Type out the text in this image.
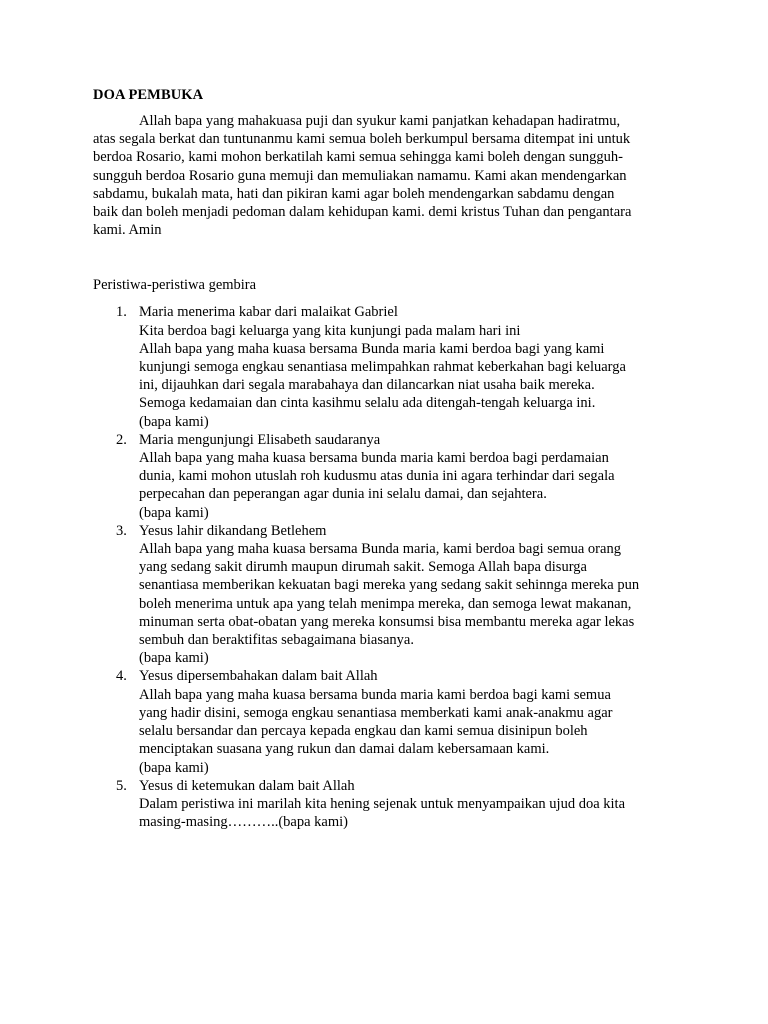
DOA PEMBUKA

Allah bapa yang mahakuasa puji dan syukur kami panjatkan kehadapan hadiratmu,
atas segala berkat dan tuntunanmu kami semua boleh berkumpul bersama ditempat ini untuk
berdoa Rosario, kami mohon berkatilah kami semua sehingga kami boleh dengan sungguh-
sungguh berdoa Rosario guna memuji dan memuliakan namamu. Kami akan mendengarkan
sabdamu, bukalah mata, hati dan pikiran kami agar boleh mendengarkan sabdamu dengan
baik dan boleh menjadi pedoman dalam kehidupan kami. demi kristus Tuhan dan pengantara
kami. Amin

Peristiwa-peristiwa gembira

1. Maria menerima kabar dari malaikat Gabriel
Kita berdoa bagi keluarga yang kita kunjungi pada malam hari ini
Allah bapa yang maha kuasa bersama Bunda maria kami berdoa bagi yang kami
kunjungi semoga engkau senantiasa melimpahkan rahmat keberkahan bagi keluarga
ini, dijauhkan dari segala marabahaya dan dilancarkan niat usaha baik mereka.
Semoga kedamaian dan cinta kasihmu selalu ada ditengah-tengah keluarga ini.
(bapa kami)
2. Maria mengunjungi Elisabeth saudaranya
Allah bapa yang maha kuasa bersama bunda maria kami berdoa bagi perdamaian
dunia, kami mohon utuslah roh kudusmu atas dunia ini agara terhindar dari segala
perpecahan dan peperangan agar dunia ini selalu damai, dan sejahtera.
(bapa kami)
3. Yesus lahir dikandang Betlehem
Allah bapa yang maha kuasa bersama Bunda maria, kami berdoa bagi semua orang
yang sedang sakit dirumh maupun dirumah sakit. Semoga Allah bapa disurga
senantiasa memberikan kekuatan bagi mereka yang sedang sakit sehinnga mereka pun
boleh menerima untuk apa yang telah menimpa mereka, dan semoga lewat makanan,
minuman serta obat-obatan yang mereka konsumsi bisa membantu mereka agar lekas
sembuh dan beraktifitas sebagaimana biasanya.
(bapa kami)
4. Yesus dipersembahakan dalam bait Allah
Allah bapa yang maha kuasa bersama bunda maria kami berdoa bagi kami semua
yang hadir disini, semoga engkau senantiasa memberkati kami anak-anakmu agar
selalu bersandar dan percaya kepada engkau dan kami semua disinipun boleh
menciptakan suasana yang rukun dan damai dalam kebersamaan kami.
(bapa kami)
5. Yesus di ketemukan dalam bait Allah
Dalam peristiwa ini marilah kita hening sejenak untuk menyampaikan ujud doa kita
masing-masing………..(bapa kami)
